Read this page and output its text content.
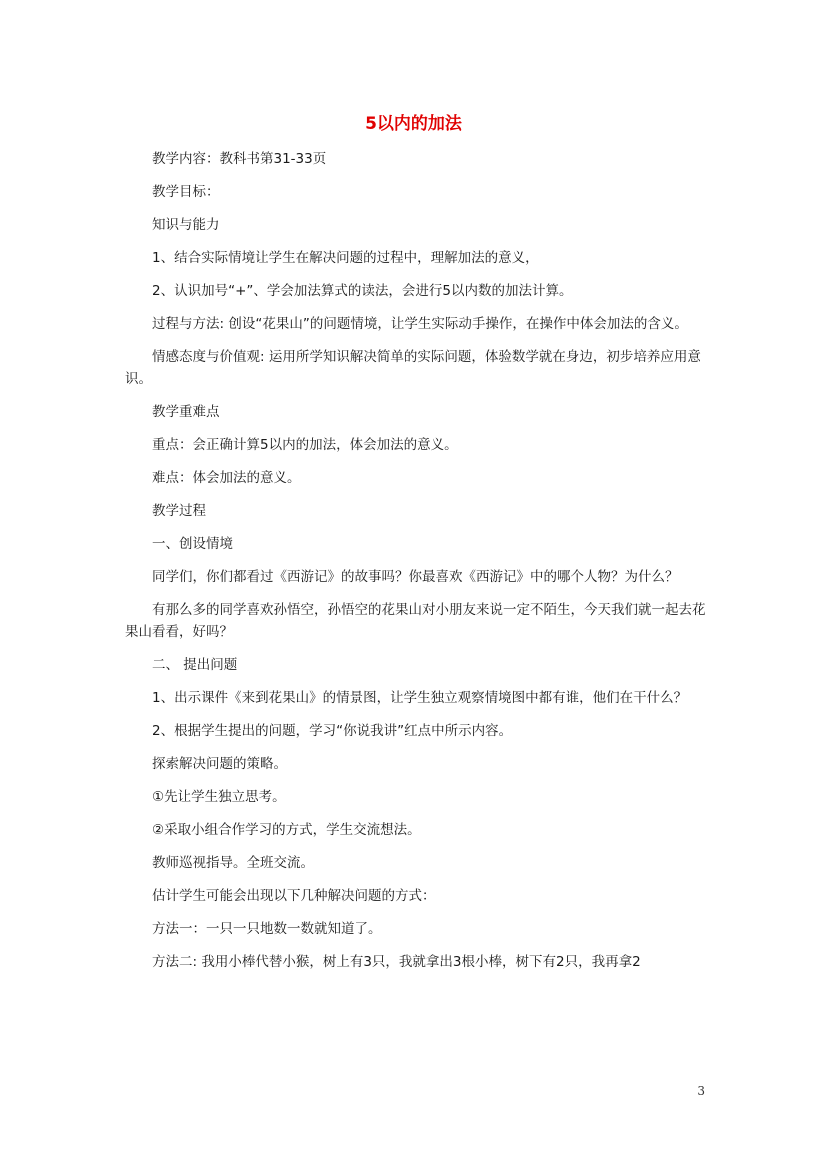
5以内的加法

教学内容：教科书第31-33页

教学目标：

知识与能力

1、结合实际情境让学生在解决问题的过程中，理解加法的意义，

2、认识加号“+”、学会加法算式的读法，会进行5以内数的加法计算。

过程与方法: 创设“花果山”的问题情境，让学生实际动手操作，在操作中体会加法的含义。

情感态度与价值观: 运用所学知识解决简单的实际问题，体验数学就在身边，初步培养应用意识。

教学重难点

重点：会正确计算5以内的加法，体会加法的意义。

难点：体会加法的意义。

教学过程

一、创设情境

同学们，你们都看过《西游记》的故事吗？你最喜欢《西游记》中的哪个人物？为什么？

有那么多的同学喜欢孙悟空，孙悟空的花果山对小朋友来说一定不陌生，今天我们就一起去花果山看看，好吗？

二、 提出问题

1、出示课件《来到花果山》的情景图，让学生独立观察情境图中都有谁，他们在干什么？

2、根据学生提出的问题，学习“你说我讲”红点中所示内容。

探索解决问题的策略。

①先让学生独立思考。

②采取小组合作学习的方式，学生交流想法。

教师巡视指导。全班交流。

估计学生可能会出现以下几种解决问题的方式：

方法一：一只一只地数一数就知道了。

方法二: 我用小棒代替小猴，树上有3只，我就拿出3根小棒，树下有2只，我再拿2

3
